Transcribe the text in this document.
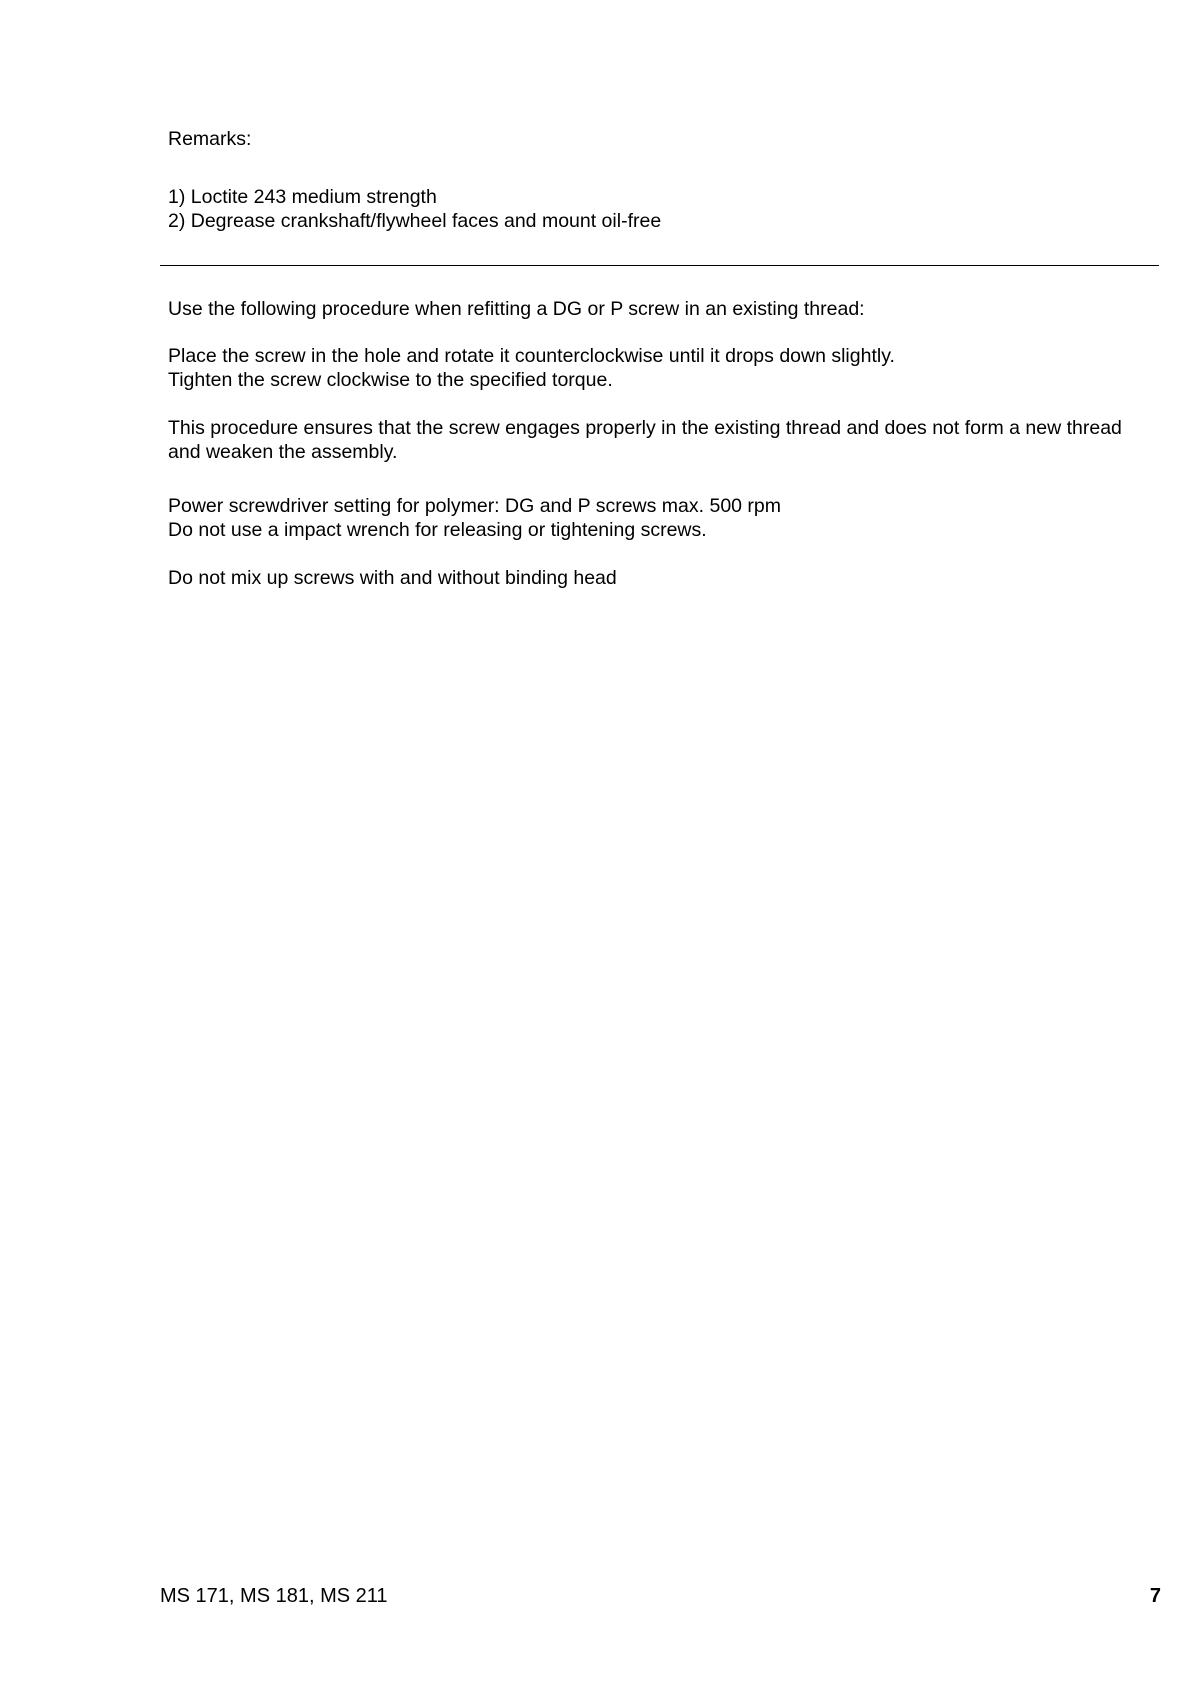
Remarks:
1) Loctite 243 medium strength
2) Degrease crankshaft/flywheel faces and mount oil-free
Use the following procedure when refitting a DG or P screw in an existing thread:
Place the screw in the hole and rotate it counterclockwise until it drops down slightly.
Tighten the screw clockwise to the specified torque.
This procedure ensures that the screw engages properly in the existing thread and does not form a new thread
and weaken the assembly.
Power screwdriver setting for polymer: DG and P screws max. 500 rpm
Do not use a impact wrench for releasing or tightening screws.
Do not mix up screws with and without binding head
MS 171, MS 181, MS 211	7
